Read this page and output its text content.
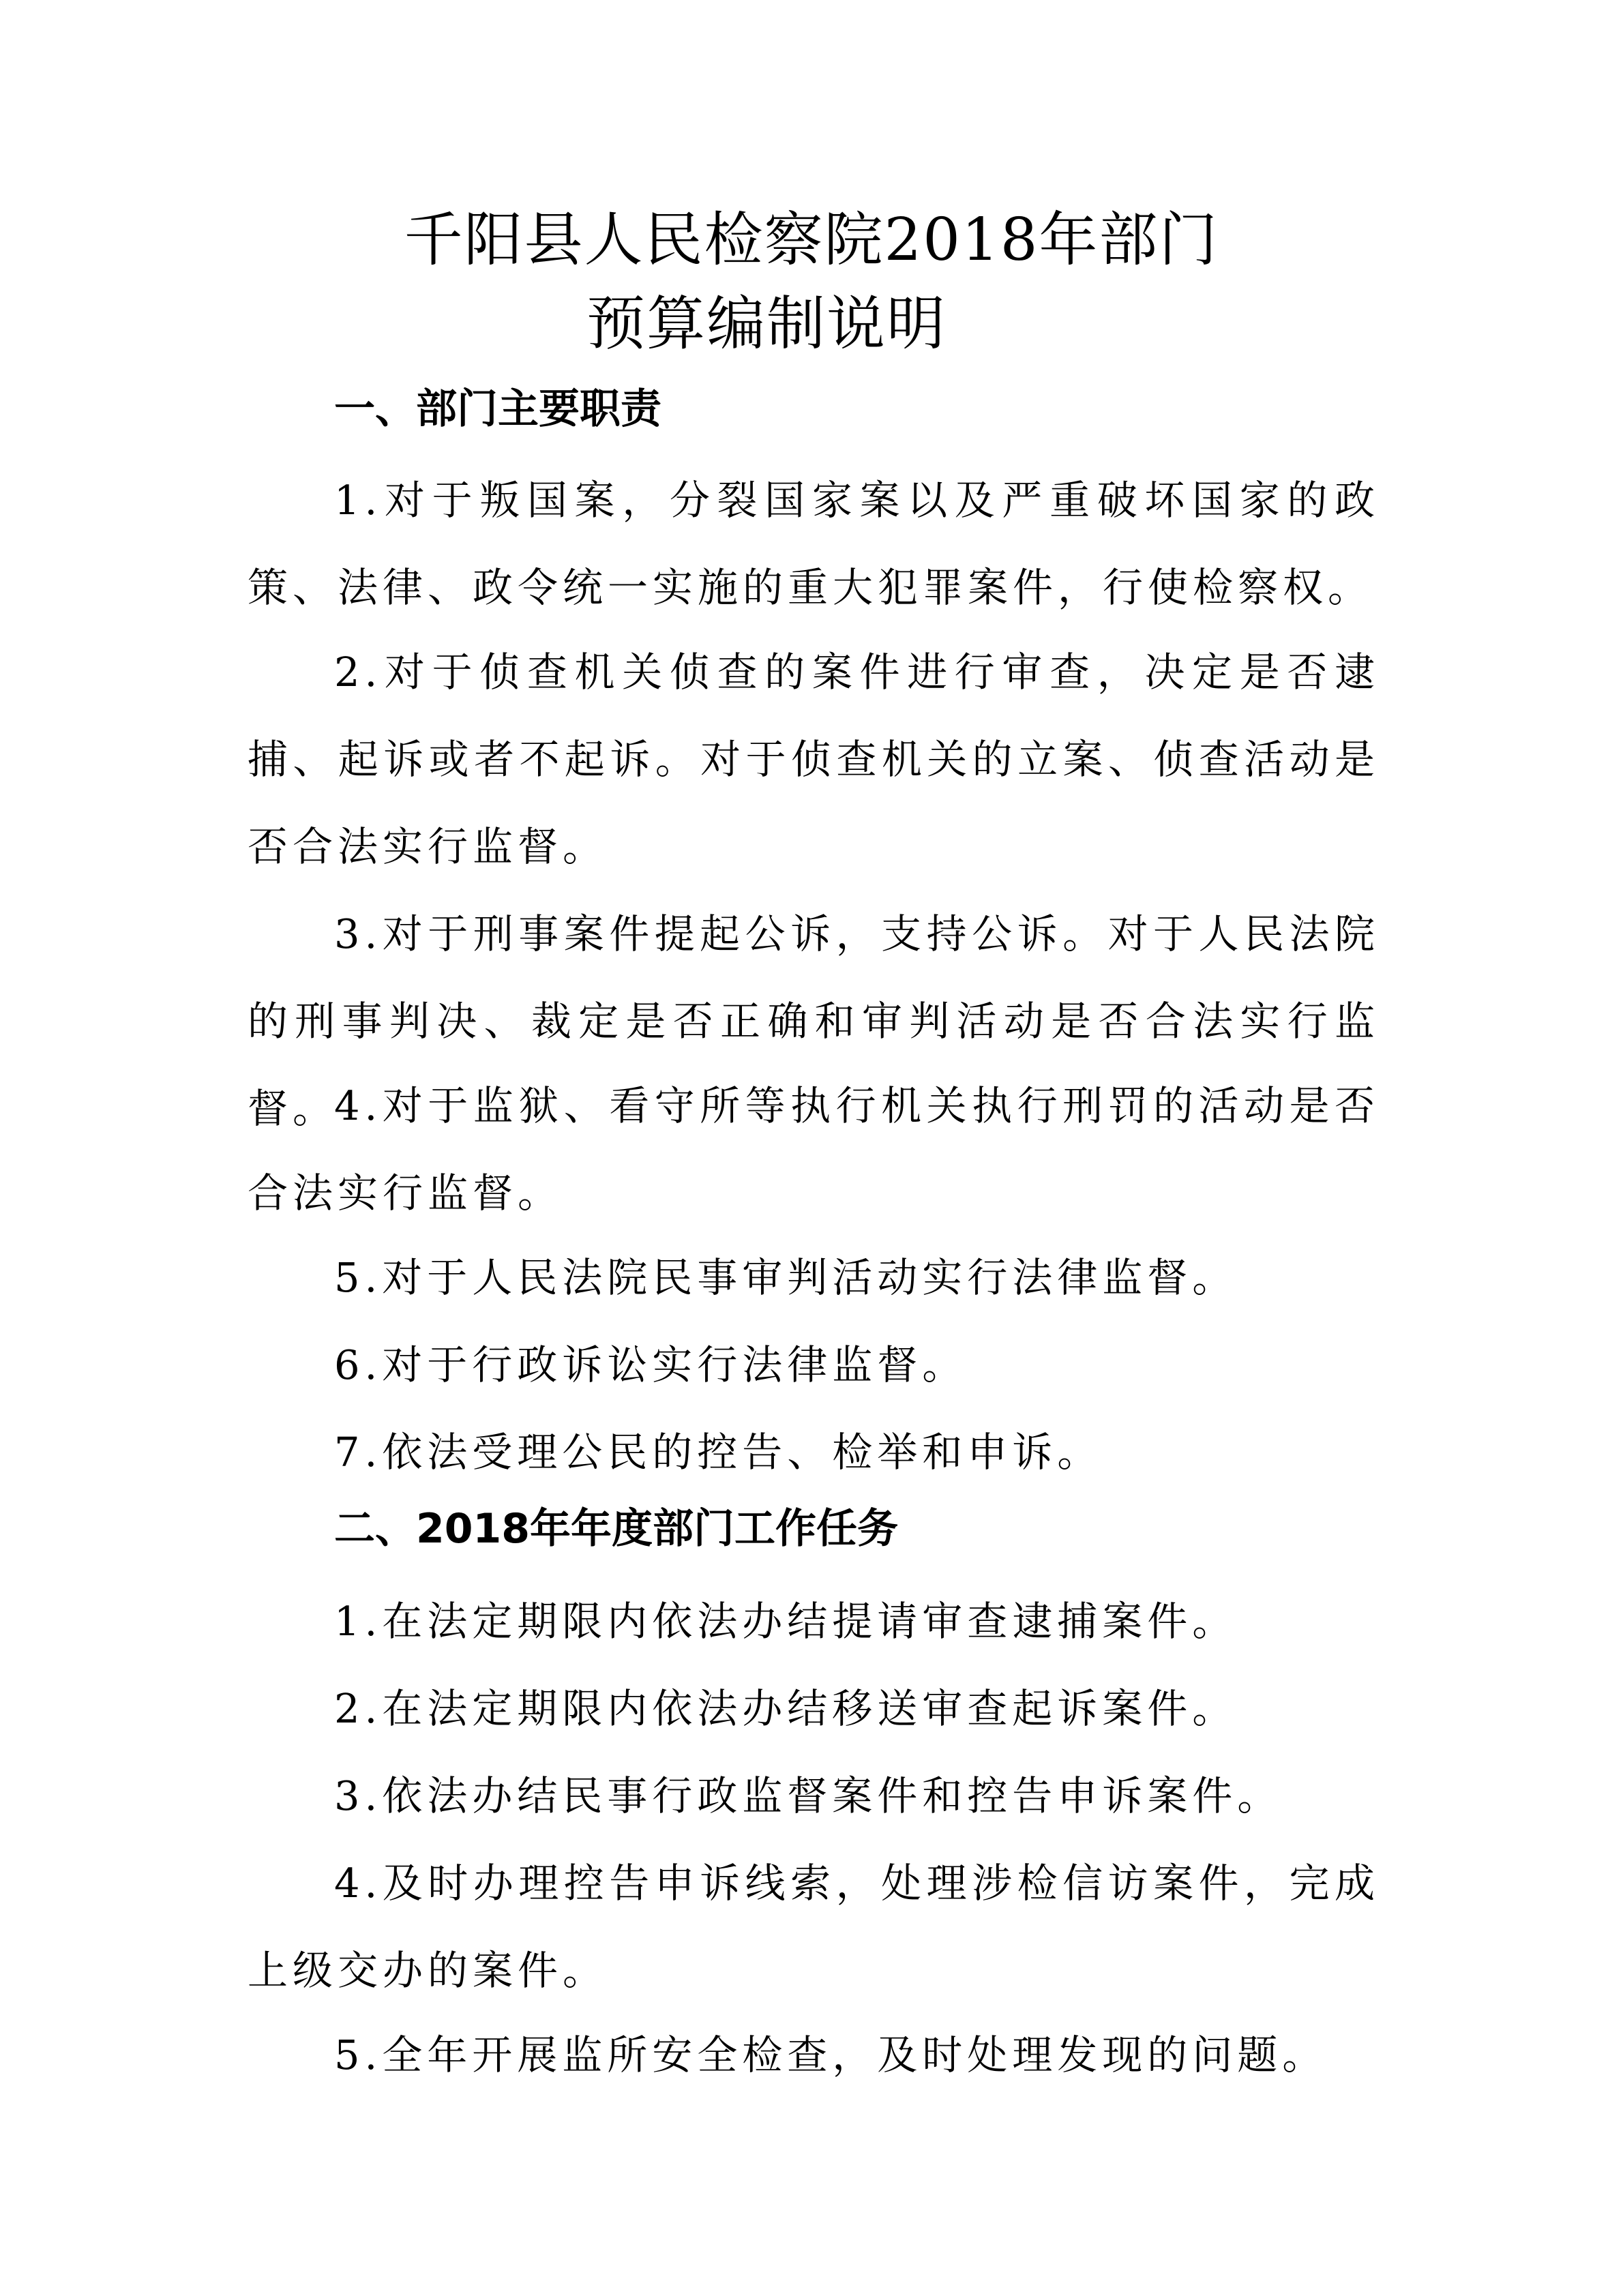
千阳县人民检察院2018年部门
预算编制说明
一、部门主要职责
1.对于叛国案，分裂国家案以及严重破坏国家的政策、法律、政令统一实施的重大犯罪案件，行使检察权。
2.对于侦查机关侦查的案件进行审查，决定是否逮捕、起诉或者不起诉。对于侦查机关的立案、侦查活动是否合法实行监督。
3.对于刑事案件提起公诉，支持公诉。对于人民法院的刑事判决、裁定是否正确和审判活动是否合法实行监督。
4.对于监狱、看守所等执行机关执行刑罚的活动是否合法实行监督。
5.对于人民法院民事审判活动实行法律监督。
6.对于行政诉讼实行法律监督。
7.依法受理公民的控告、检举和申诉。
二、2018年年度部门工作任务
1.在法定期限内依法办结提请审查逮捕案件。
2.在法定期限内依法办结移送审查起诉案件。
3.依法办结民事行政监督案件和控告申诉案件。
4.及时办理控告申诉线索，处理涉检信访案件，完成上级交办的案件。
5.全年开展监所安全检查，及时处理发现的问题。
